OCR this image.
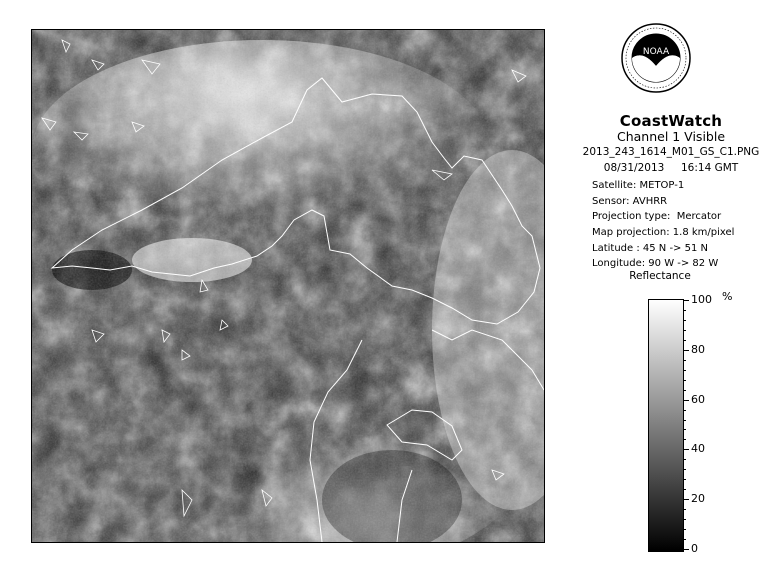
NOAA
CoastWatch
Channel 1 Visible
2013_243_1614_M01_GS_C1.PNG
08/31/2013     16:14 GMT
Satellite: METOP-1
Sensor: AVHRR
Projection type:  Mercator
Map projection: 1.8 km/pixel
Latitude : 45 N -> 51 N
Longitude: 90 W -> 82 W
Reflectance
%
100
80
60
40
20
0
